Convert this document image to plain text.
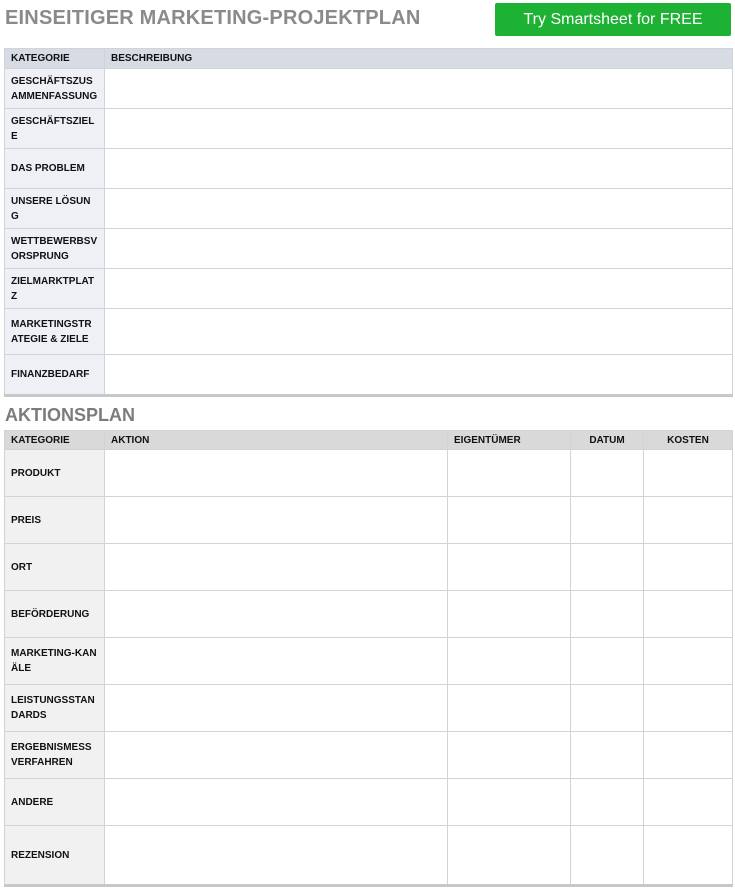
EINSEITIGER MARKETING-PROJEKTPLAN	Try Smartsheet for FREE
KATEGORIE	BESCHREIBUNG
GESCHÄFTSZUSAMMENFASSUNG	
GESCHÄFTSZIELE	
DAS PROBLEM	
UNSERE LÖSUNG	
WETTBEWERBSVORSPRUNG	
ZIELMARKTPLATZ	
MARKETINGSTRATEGIE & ZIELE	
FINANZBEDARF	
AKTIONSPLAN
KATEGORIE	AKTION	EIGENTÜMER	DATUM	KOSTEN
PRODUKT				
PREIS				
ORT				
BEFÖRDERUNG				
MARKETING-KANÄLE				
LEISTUNGSSTANDARDS				
ERGEBNISMESSVERFAHREN				
ANDERE				
REZENSION				
